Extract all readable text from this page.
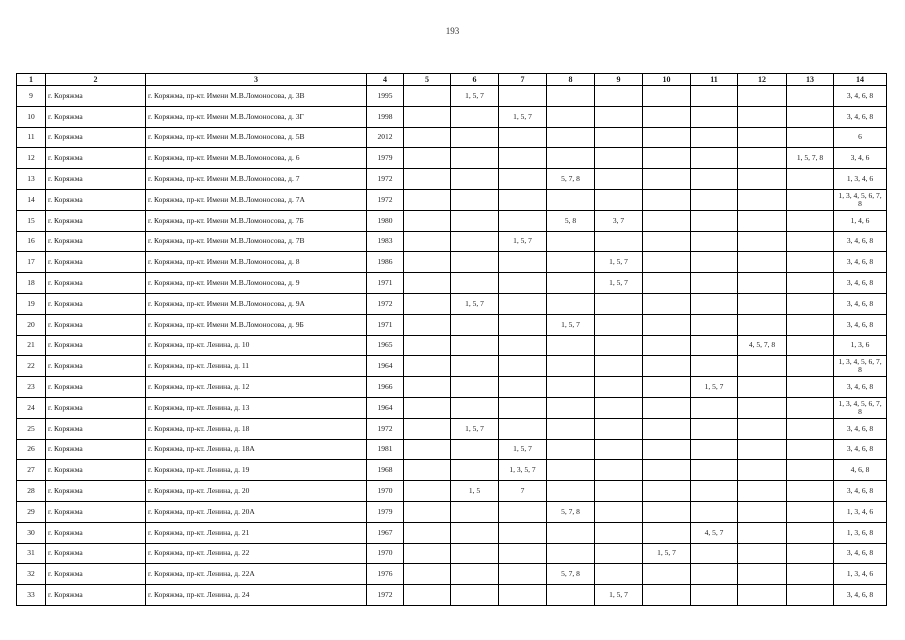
193
1	2	3	4	5	6	7	8	9	10	11	12	13	14
9	г. Коряжма	г. Коряжма, пр-кт. Имени М.В.Ломоносова, д. 3В	1995		1, 5, 7								3, 4, 6, 8
10	г. Коряжма	г. Коряжма, пр-кт. Имени М.В.Ломоносова, д. 3Г	1998			1, 5, 7							3, 4, 6, 8
11	г. Коряжма	г. Коряжма, пр-кт. Имени М.В.Ломоносова, д. 5В	2012										6
12	г. Коряжма	г. Коряжма, пр-кт. Имени М.В.Ломоносова, д. 6	1979									1, 5, 7, 8	3, 4, 6
13	г. Коряжма	г. Коряжма, пр-кт. Имени М.В.Ломоносова, д. 7	1972				5, 7, 8						1, 3, 4, 6
14	г. Коряжма	г. Коряжма, пр-кт. Имени М.В.Ломоносова, д. 7А	1972										1, 3, 4, 5, 6, 7, 8
15	г. Коряжма	г. Коряжма, пр-кт. Имени М.В.Ломоносова, д. 7Б	1980				5, 8	3, 7					1, 4, 6
16	г. Коряжма	г. Коряжма, пр-кт. Имени М.В.Ломоносова, д. 7В	1983			1, 5, 7							3, 4, 6, 8
17	г. Коряжма	г. Коряжма, пр-кт. Имени М.В.Ломоносова, д. 8	1986					1, 5, 7					3, 4, 6, 8
18	г. Коряжма	г. Коряжма, пр-кт. Имени М.В.Ломоносова, д. 9	1971					1, 5, 7					3, 4, 6, 8
19	г. Коряжма	г. Коряжма, пр-кт. Имени М.В.Ломоносова, д. 9А	1972		1, 5, 7								3, 4, 6, 8
20	г. Коряжма	г. Коряжма, пр-кт. Имени М.В.Ломоносова, д. 9Б	1971				1, 5, 7						3, 4, 6, 8
21	г. Коряжма	г. Коряжма, пр-кт. Ленина, д. 10	1965								4, 5, 7, 8		1, 3, 6
22	г. Коряжма	г. Коряжма, пр-кт. Ленина, д. 11	1964										1, 3, 4, 5, 6, 7, 8
23	г. Коряжма	г. Коряжма, пр-кт. Ленина, д. 12	1966							1, 5, 7			3, 4, 6, 8
24	г. Коряжма	г. Коряжма, пр-кт. Ленина, д. 13	1964										1, 3, 4, 5, 6, 7, 8
25	г. Коряжма	г. Коряжма, пр-кт. Ленина, д. 18	1972		1, 5, 7								3, 4, 6, 8
26	г. Коряжма	г. Коряжма, пр-кт. Ленина, д. 18А	1981			1, 5, 7							3, 4, 6, 8
27	г. Коряжма	г. Коряжма, пр-кт. Ленина, д. 19	1968			1, 3, 5, 7							4, 6, 8
28	г. Коряжма	г. Коряжма, пр-кт. Ленина, д. 20	1970		1, 5	7							3, 4, 6, 8
29	г. Коряжма	г. Коряжма, пр-кт. Ленина, д. 20А	1979				5, 7, 8						1, 3, 4, 6
30	г. Коряжма	г. Коряжма, пр-кт. Ленина, д. 21	1967							4, 5, 7			1, 3, 6, 8
31	г. Коряжма	г. Коряжма, пр-кт. Ленина, д. 22	1970						1, 5, 7				3, 4, 6, 8
32	г. Коряжма	г. Коряжма, пр-кт. Ленина, д. 22А	1976				5, 7, 8						1, 3, 4, 6
33	г. Коряжма	г. Коряжма, пр-кт. Ленина, д. 24	1972					1, 5, 7					3, 4, 6, 8
